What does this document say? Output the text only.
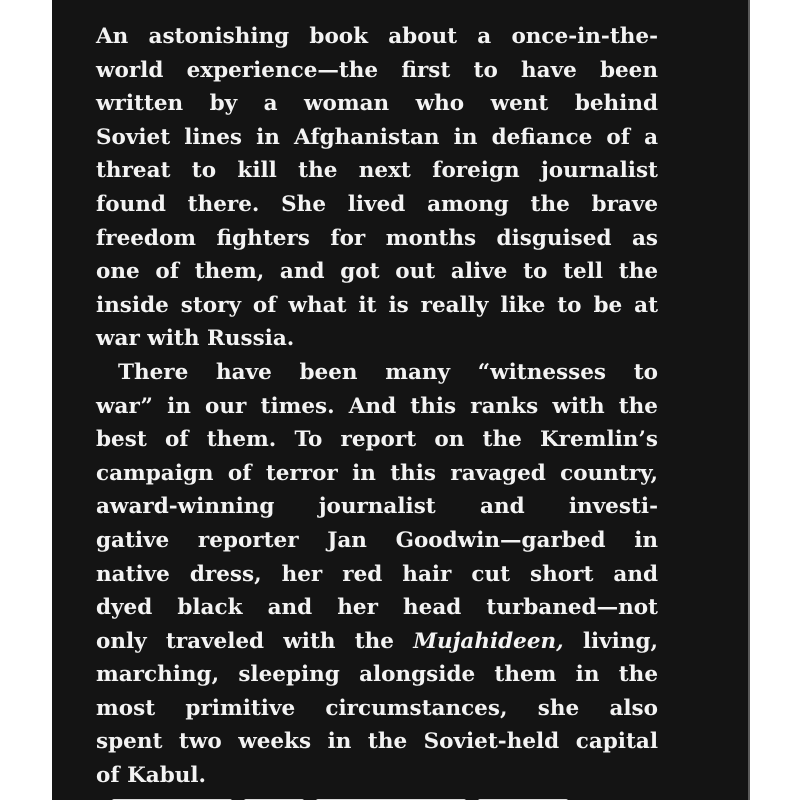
An astonishing book about a once-in-the-
world experience—the first to have been
written by a woman who went behind
Soviet lines in Afghanistan in defiance of a
threat to kill the next foreign journalist
found there. She lived among the brave
freedom fighters for months disguised as
one of them, and got out alive to tell the
inside story of what it is really like to be at
war with Russia.
There have been many “witnesses to
war” in our times. And this ranks with the
best of them. To report on the Kremlin’s
campaign of terror in this ravaged country,
award-winning journalist and investi-
gative reporter Jan Goodwin—garbed in
native dress, her red hair cut short and
dyed black and her head turbaned—not
only traveled with the Mujahideen, living,
marching, sleeping alongside them in the
most primitive circumstances, she also
spent two weeks in the Soviet-held capital
of Kabul.
